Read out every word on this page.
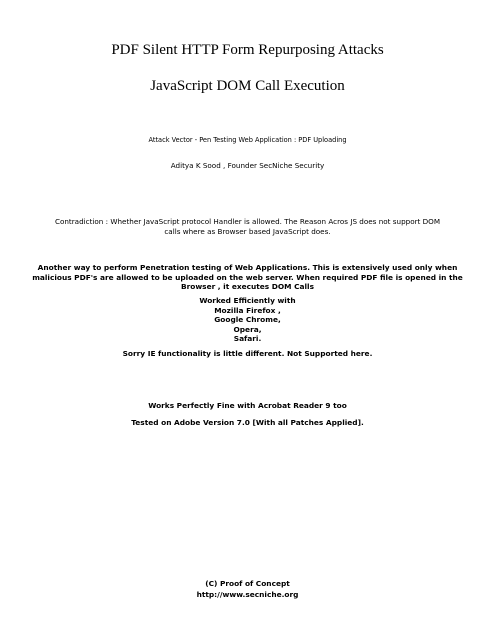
PDF Silent HTTP Form Repurposing Attacks
JavaScript DOM Call Execution
Attack Vector - Pen Testing Web Application : PDF Uploading
Aditya K Sood , Founder SecNiche Security
Contradiction : Whether JavaScript protocol Handler is allowed. The Reason Acros JS does not support DOM
calls where as Browser based JavaScript does.
Another way to perform Penetration testing of Web Applications. This is extensively used only when
malicious PDF's are allowed to be uploaded on the web server. When required PDF file is opened in the
Browser , it executes DOM Calls
Worked Efficiently with
Mozilla Firefox ,
Google Chrome,
Opera,
Safari.
Sorry IE functionality is little different. Not Supported here.
Works Perfectly Fine with Acrobat Reader 9 too
Tested on Adobe Version 7.0 [With all Patches Applied].
(C) Proof of Concept
http://www.secniche.org
